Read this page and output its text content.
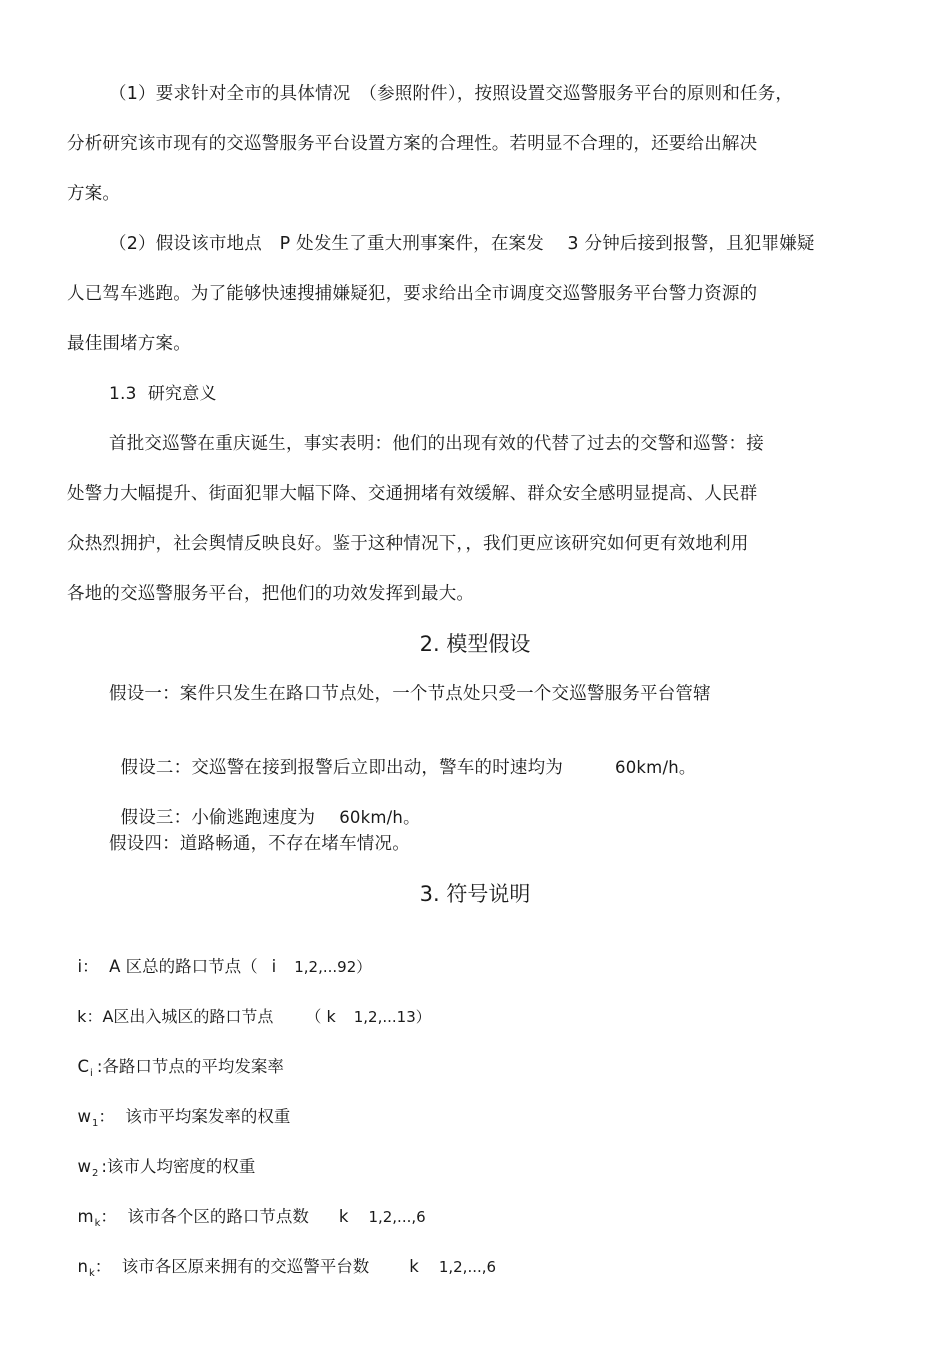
（1）要求针对全市的具体情况　（参照附件），按照设置交巡警服务平台的原则和任务，
分析研究该市现有的交巡警服务平台设置方案的合理性。若明显不合理的，还要给出解决
方案。
（2）假设该市地点　P 处发生了重大刑事案件，在案发　 3 分钟后接到报警，且犯罪嫌疑
人已驾车逃跑。为了能够快速搜捕嫌疑犯，要求给出全市调度交巡警服务平台警力资源的
最佳围堵方案。
1.3  研究意义
首批交巡警在重庆诞生，事实表明：他们的出现有效的代替了过去的交警和巡警：接
处警力大幅提升、街面犯罪大幅下降、交通拥堵有效缓解、群众安全感明显提高、人民群
众热烈拥护，社会舆情反映良好。鉴于这种情况下，，我们更应该研究如何更有效地利用
各地的交巡警服务平台，把他们的功效发挥到最大。
2. 模型假设
假设一：案件只发生在路口节点处，一个节点处只受一个交巡警服务平台管辖

假设二：交巡警在接到报警后立即出动，警车的时速均为	60km/h。

假设三：小偷逃跑速度为 60km/h。

假设四：道路畅通，不存在堵车情况。
3. 符号说明

i：  A 区总的路口节点（ i 1,2,...92）

k：A区出入城区的路口节点 （ k 1,2,...13）

$C_i$ :各路口节点的平均发案率

$w_1$：  该市平均案发率的权重

$w_2$ :该市人均密度的权重

$m_k$：  该市各个区的路口节点数 k 1,2,...,6

$n_k$：  该市各区原来拥有的交巡警平台数 k 1,2,...,6
